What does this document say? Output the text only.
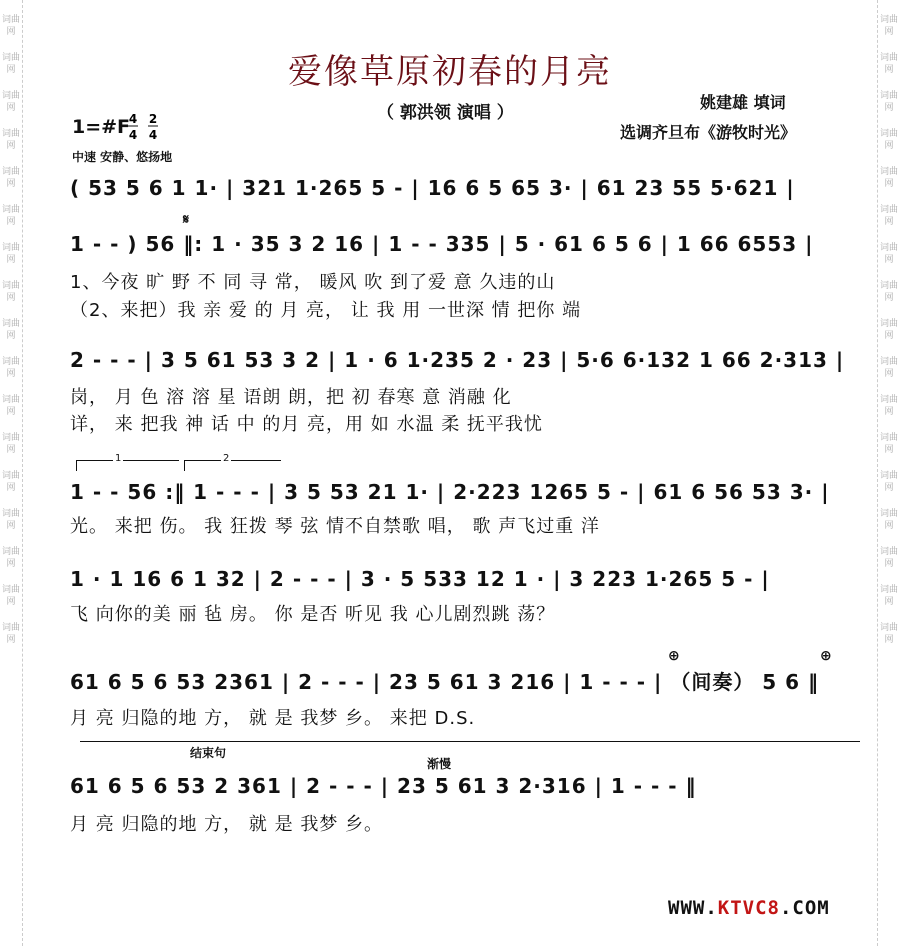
词曲网
词曲网
词曲网
词曲网
词曲网
词曲网
词曲网
词曲网
词曲网
词曲网
词曲网
词曲网
词曲网
词曲网
词曲网
词曲网
词曲网
词曲网
词曲网
词曲网
词曲网
词曲网
词曲网
词曲网
词曲网
词曲网
词曲网
词曲网
词曲网
词曲网
词曲网
词曲网
词曲网
词曲网
爱像草原初春的月亮
（ 郭洪领 演唱 ）
姚建雄 填词
选调齐旦布《游牧时光》
1=#F
4
4
2
4
中速 安静、悠扬地
( 53 5 6 1 1· | 321 1·265 5 - | 16 6 5 65 3· | 61 23 55 5·621 |
𝄋
1 - - ) 56 ‖: 1 · 35 3 2 16 | 1 - - 335 | 5 · 61 6 5 6 | 1 66 6553 |
1、今夜 旷 野 不 同 寻 常， 暖风 吹 到了爱 意 久违的山
（2、来把）我 亲 爱 的 月 亮， 让 我 用 一世深 情 把你 端
2 - - - | 3 5 61 53 3 2 | 1 · 6 1·235 2 · 23 | 5·6 6·132 1 66 2·313 |
岗， 月 色 溶 溶 星 语朗 朗，把 初 春寒 意 消融 化
详， 来 把我 神 话 中 的月 亮，用 如 水温 柔 抚平我忧
1	2
1 - - 56 :‖ 1 - - - | 3 5 53 21 1· | 2·223 1265 5 - | 61 6 56 53 3· |
光。 来把 伤。 我 狂拨 琴 弦 情不自禁歌 唱， 歌 声飞过重 洋
1 · 1 16 6 1 32 | 2 - - - | 3 · 5 533 12 1 · | 3 223 1·265 5 - |
飞 向你的美 丽 毡 房。 你 是否 听见 我 心儿剧烈跳 荡？
⊕	⊕
61 6 5 6 53 2361 | 2 - - - | 23 5 61 3 216 | 1 - - - | （间奏） 5 6 ‖
月 亮 归隐的地 方， 就 是 我梦 乡。 来把 D.S.
结束句
渐慢
61 6 5 6 53 2 361 | 2 - - - | 23 5 61 3 2·316 | 1 - - - ‖
月 亮 归隐的地 方， 就 是 我梦 乡。
WWW.KTVC8.COM
